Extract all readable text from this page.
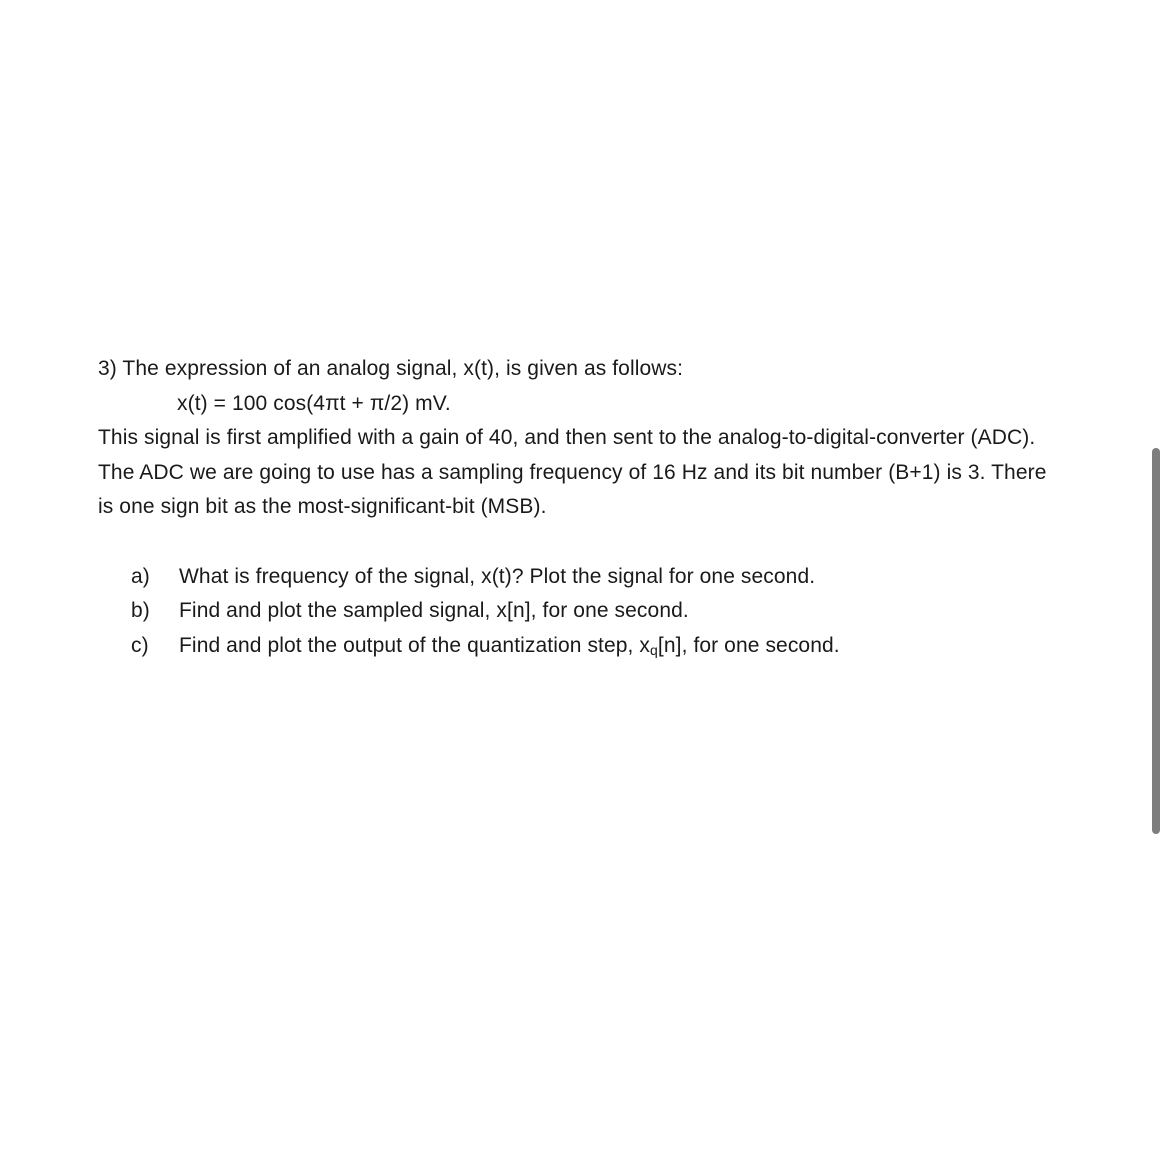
3) The expression of an analog signal, x(t), is given as follows:
x(t) = 100 cos(4πt + π/2) mV.
This signal is first amplified with a gain of 40, and then sent to the analog-to-digital-converter (ADC).
The ADC we are going to use has a sampling frequency of 16 Hz and its bit number (B+1) is 3. There
is one sign bit as the most-significant-bit (MSB).
a)	What is frequency of the signal, x(t)? Plot the signal for one second.
b)	Find and plot the sampled signal, x[n], for one second.
c)	Find and plot the output of the quantization step, $x_q[n]$, for one second.
